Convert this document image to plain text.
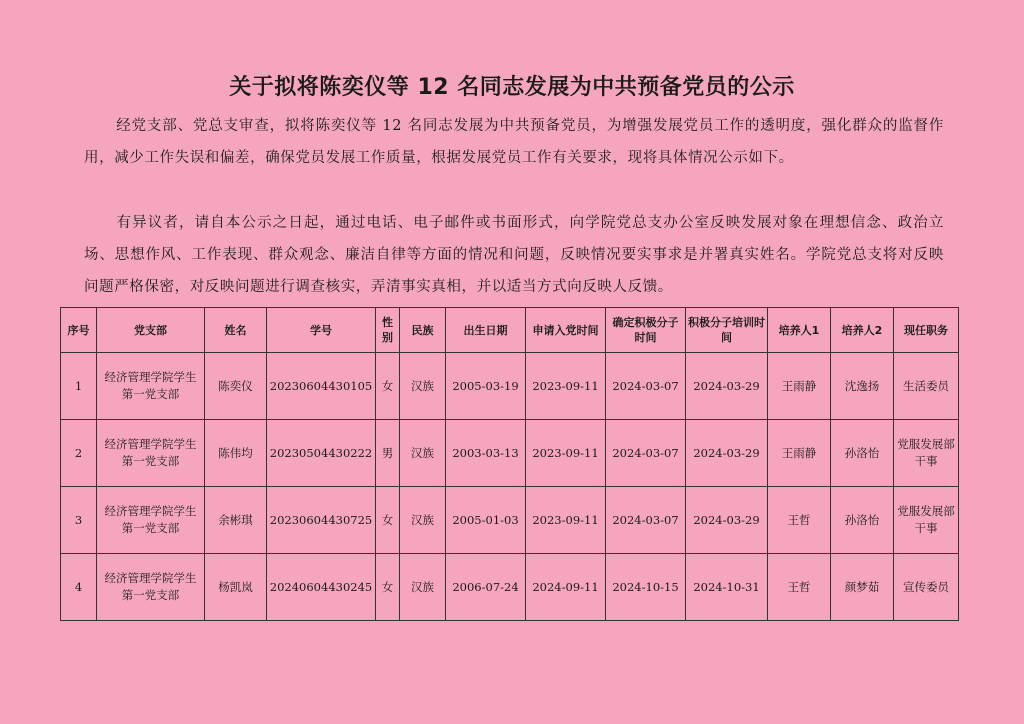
关于拟将陈奕仪等 12 名同志发展为中共预备党员的公示
经党支部、党总支审查，拟将陈奕仪等 12 名同志发展为中共预备党员，为增强发展党员工作的透明度，强化群众的监督作用，减少工作失误和偏差，确保党员发展工作质量，根据发展党员工作有关要求，现将具体情况公示如下。
有异议者，请自本公示之日起，通过电话、电子邮件或书面形式，向学院党总支办公室反映发展对象在理想信念、政治立场、思想作风、工作表现、群众观念、廉洁自律等方面的情况和问题，反映情况要实事求是并署真实姓名。学院党总支将对反映问题严格保密，对反映问题进行调查核实，弄清事实真相，并以适当方式向反映人反馈。
序号	党支部	姓名	学号	性别	民族	出生日期	申请入党时间	确定积极分子时间	积极分子培训时间	培养人1	培养人2	现任职务
1	经济管理学院学生第一党支部	陈奕仪	20230604430105	女	汉族	2005-03-19	2023-09-11	2024-03-07	2024-03-29	王雨静	沈逸扬	生活委员
2	经济管理学院学生第一党支部	陈伟均	20230504430222	男	汉族	2003-03-13	2023-09-11	2024-03-07	2024-03-29	王雨静	孙洛怡	党服发展部干事
3	经济管理学院学生第一党支部	余彬琪	20230604430725	女	汉族	2005-01-03	2023-09-11	2024-03-07	2024-03-29	王哲	孙洛怡	党服发展部干事
4	经济管理学院学生第一党支部	杨凯岚	20240604430245	女	汉族	2006-07-24	2024-09-11	2024-10-15	2024-10-31	王哲	颜梦茹	宣传委员
